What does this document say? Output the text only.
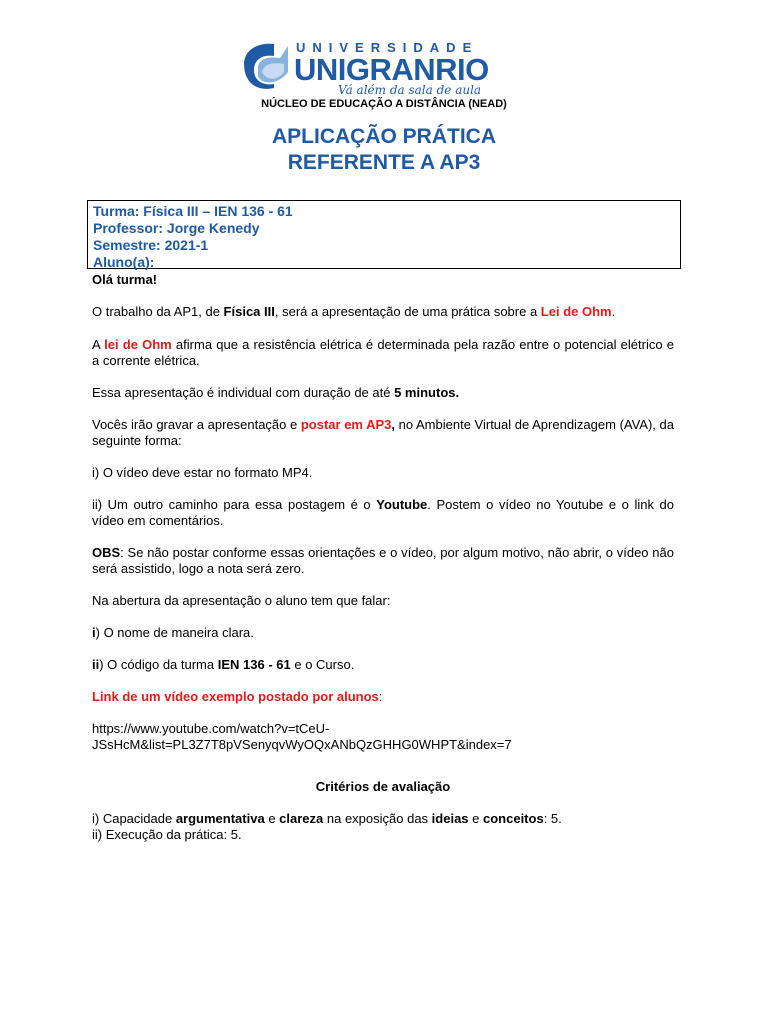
UNIVERSIDADE
UNIGRANRIO
Vá além da sala de aula
NÚCLEO DE EDUCAÇÃO A DISTÂNCIA (NEAD)
APLICAÇÃO PRÁTICA
REFERENTE A AP3
Turma: Física III – IEN 136 - 61
Professor: Jorge Kenedy
Semestre: 2021-1
Aluno(a):

Olá turma!

O trabalho da AP1, de Física III, será a apresentação de uma prática sobre a Lei de Ohm.

A lei de Ohm afirma que a resistência elétrica é determinada pela razão entre o potencial elétrico e a corrente elétrica.

Essa apresentação é individual com duração de até 5 minutos.

Vocês irão gravar a apresentação e postar em AP3, no Ambiente Virtual de Aprendizagem (AVA), da seguinte forma:

i) O vídeo deve estar no formato MP4.

ii) Um outro caminho para essa postagem é o Youtube. Postem o vídeo no Youtube e o link do vídeo em comentários.

OBS: Se não postar conforme essas orientações e o vídeo, por algum motivo, não abrir, o vídeo não será assistido, logo a nota será zero.

Na abertura da apresentação o aluno tem que falar:

i) O nome de maneira clara.

ii) O código da turma IEN 136 - 61 e o Curso.

Link de um vídeo exemplo postado por alunos:

https://www.youtube.com/watch?v=tCeU-
JSsHcM&list=PL3Z7T8pVSenyqvWyOQxANbQzGHHG0WHPT&index=7

Critérios de avaliação

i) Capacidade argumentativa e clareza na exposição das ideias e conceitos: 5.

ii) Execução da prática: 5.
